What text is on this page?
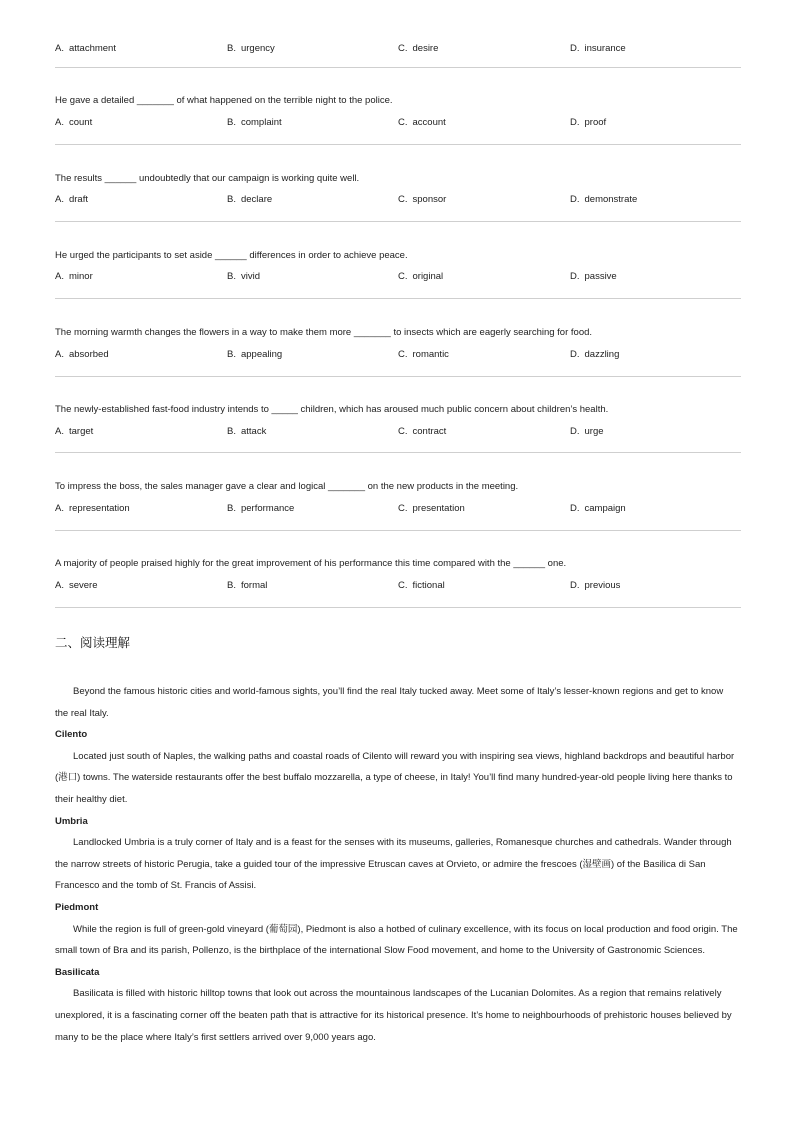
A. attachment	B. urgency	C. desire	D. insurance
He gave a detailed _______ of what happened on the terrible night to the police.
A. count	B. complaint	C. account	D. proof
The results ______ undoubtedly that our campaign is working quite well.
A. draft	B. declare	C. sponsor	D. demonstrate
He urged the participants to set aside ______ differences in order to achieve peace.
A. minor	B. vivid	C. original	D. passive
The morning warmth changes the flowers in a way to make them more _______ to insects which are eagerly searching for food.
A. absorbed	B. appealing	C. romantic	D. dazzling
The newly-established fast-food industry intends to _____ children, which has aroused much public concern about children’s health.
A. target	B. attack	C. contract	D. urge
To impress the boss, the sales manager gave a clear and logical _______ on the new products in the meeting.
A. representation	B. performance	C. presentation	D. campaign
A majority of people praised highly for the great improvement of his performance this time compared with the ______ one.
A. severe	B. formal	C. fictional	D. previous
二、阅读理解

Beyond the famous historic cities and world-famous sights, you’ll find the real Italy tucked away. Meet some of Italy’s lesser-known regions and get to know the real Italy.

Cilento

Located just south of Naples, the walking paths and coastal roads of Cilento will reward you with inspiring sea views, highland backdrops and beautiful harbor (港口) towns. The waterside restaurants offer the best buffalo mozzarella, a type of cheese, in Italy! You’ll find many hundred-year-old people living here thanks to their healthy diet.

Umbria

Landlocked Umbria is a truly corner of Italy and is a feast for the senses with its museums, galleries, Romanesque churches and cathedrals. Wander through the narrow streets of historic Perugia, take a guided tour of the impressive Etruscan caves at Orvieto, or admire the frescoes (湿壁画) of the Basilica di San Francesco and the tomb of St. Francis of Assisi.

Piedmont

While the region is full of green-gold vineyard (葡萄园), Piedmont is also a hotbed of culinary excellence, with its focus on local production and food origin. The small town of Bra and its parish, Pollenzo, is the birthplace of the international Slow Food movement, and home to the University of Gastronomic Sciences.

Basilicata

Basilicata is filled with historic hilltop towns that look out across the mountainous landscapes of the Lucanian Dolomites. As a region that remains relatively unexplored, it is a fascinating corner off the beaten path that is attractive for its historical presence. It’s home to neighbourhoods of prehistoric houses believed by many to be the place where Italy’s first settlers arrived over 9,000 years ago.
